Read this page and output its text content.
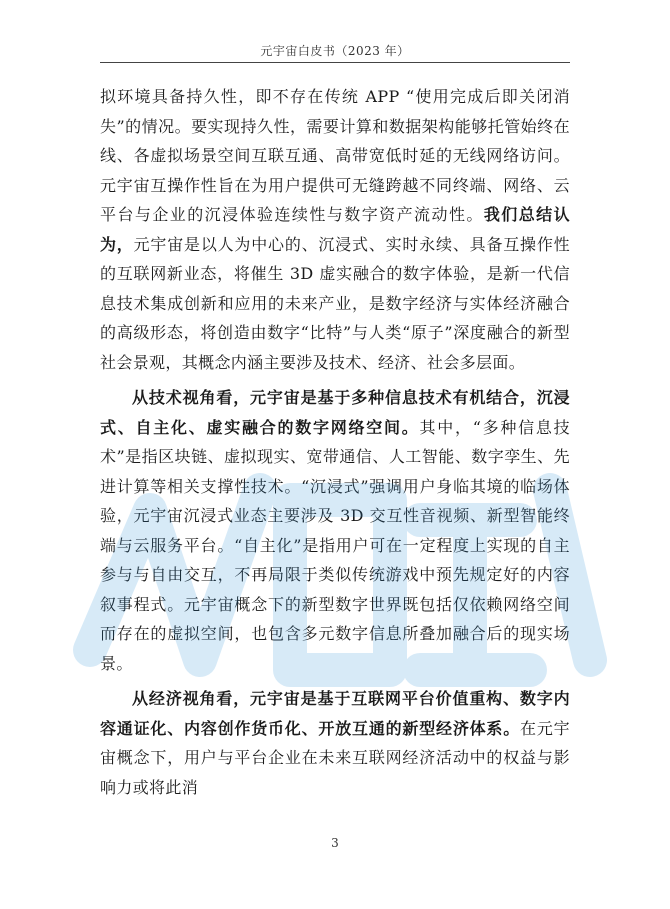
元宇宙白皮书（2023 年）

拟环境具备持久性，即不存在传统 APP “使用完成后即关闭消失”的情况。要实现持久性，需要计算和数据架构能够托管始终在线、各虚拟场景空间互联互通、高带宽低时延的无线网络访问。元宇宙互操作性旨在为用户提供可无缝跨越不同终端、网络、云平台与企业的沉浸体验连续性与数字资产流动性。我们总结认为，元宇宙是以人为中心的、沉浸式、实时永续、具备互操作性的互联网新业态，将催生 3D 虚实融合的数字体验，是新一代信息技术集成创新和应用的未来产业，是数字经济与实体经济融合的高级形态，将创造由数字“比特”与人类“原子”深度融合的新型社会景观，其概念内涵主要涉及技术、经济、社会多层面。

从技术视角看，元宇宙是基于多种信息技术有机结合，沉浸式、自主化、虚实融合的数字网络空间。其中，“多种信息技术”是指区块链、虚拟现实、宽带通信、人工智能、数字孪生、先进计算等相关支撑性技术。“沉浸式”强调用户身临其境的临场体验，元宇宙沉浸式业态主要涉及 3D 交互性音视频、新型智能终端与云服务平台。“自主化”是指用户可在一定程度上实现的自主参与与自由交互，不再局限于类似传统游戏中预先规定好的内容叙事程式。元宇宙概念下的新型数字世界既包括仅依赖网络空间而存在的虚拟空间，也包含多元数字信息所叠加融合后的现实场景。

从经济视角看，元宇宙是基于互联网平台价值重构、数字内容通证化、内容创作货币化、开放互通的新型经济体系。在元宇宙概念下，用户与平台企业在未来互联网经济活动中的权益与影响力或将此消

3
